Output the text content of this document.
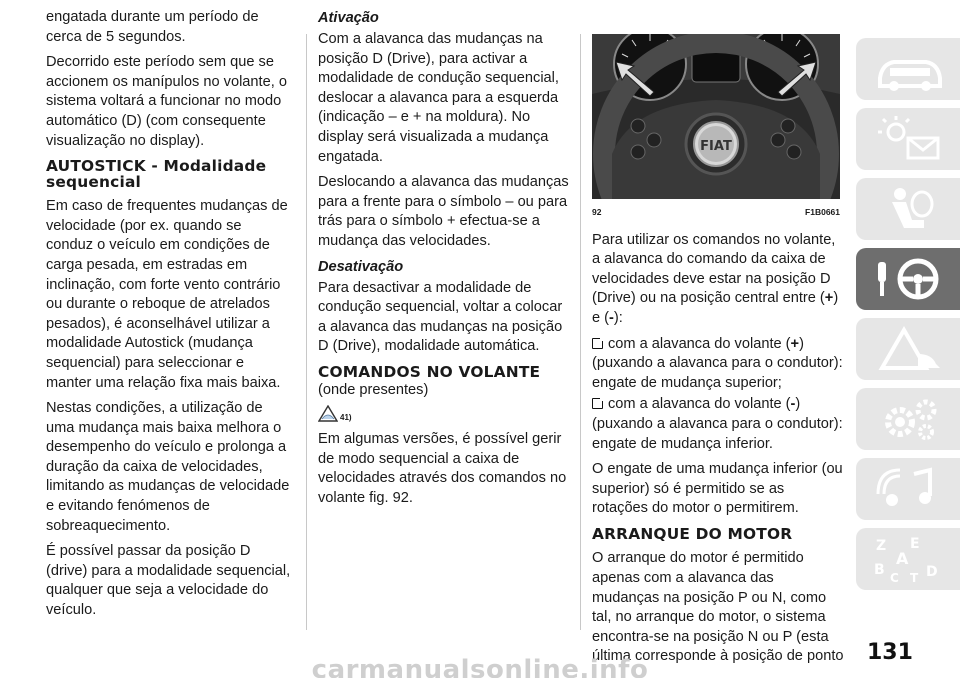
engatada durante um período de cerca de 5 segundos.

Decorrido este período sem que se accionem os manípulos no volante, o sistema voltará a funcionar no modo automático (D) (com consequente visualização no display).

AUTOSTICK - Modalidade sequencial

Em caso de frequentes mudanças de velocidade (por ex. quando se conduz o veículo em condições de carga pesada, em estradas em inclinação, com forte vento contrário ou durante o reboque de atrelados pesados), é aconselhável utilizar a modalidade Autostick (mudança sequencial) para seleccionar e manter uma relação fixa mais baixa.

Nestas condições, a utilização de uma mudança mais baixa melhora o desempenho do veículo e prolonga a duração da caixa de velocidades, limitando as mudanças de velocidade e evitando fenómenos de sobreaquecimento.

É possível passar da posição D (drive) para a modalidade sequencial, qualquer que seja a velocidade do veículo.

Ativação

Com a alavanca das mudanças na posição D (Drive), para activar a modalidade de condução sequencial, deslocar a alavanca para a esquerda (indicação – e + na moldura). No display será visualizada a mudança engatada.

Deslocando a alavanca das mudanças para a frente para o símbolo – ou para trás para o símbolo + efectua-se a mudança das velocidades.

Desativação

Para desactivar a modalidade de condução sequencial, voltar a colocar a alavanca das mudanças na posição D (Drive), modalidade automática.

COMANDOS NO VOLANTE
(onde presentes)
41)

Em algumas versões, é possível gerir de modo sequencial a caixa de velocidades através dos comandos no volante fig. 92.

FIAT
92	F1B0661

Para utilizar os comandos no volante, a alavanca do comando da caixa de velocidades deve estar na posição D (Drive) ou na posição central entre (+) e (-):

com a alavanca do volante (+) (puxando a alavanca para o condutor): engate de mudança superior;
com a alavanca do volante (-) (puxando a alavanca para o condutor): engate de mudança inferior.

O engate de uma mudança inferior (ou superior) só é permitido se as rotações do motor o permitirem.

ARRANQUE DO MOTOR

O arranque do motor é permitido apenas com a alavanca das mudanças na posição P ou N, como tal, no arranque do motor, o sistema encontra-se na posição N ou P (esta última corresponde à posição de ponto

Z E
B
A
C T D
131
carmanualsonline.info
